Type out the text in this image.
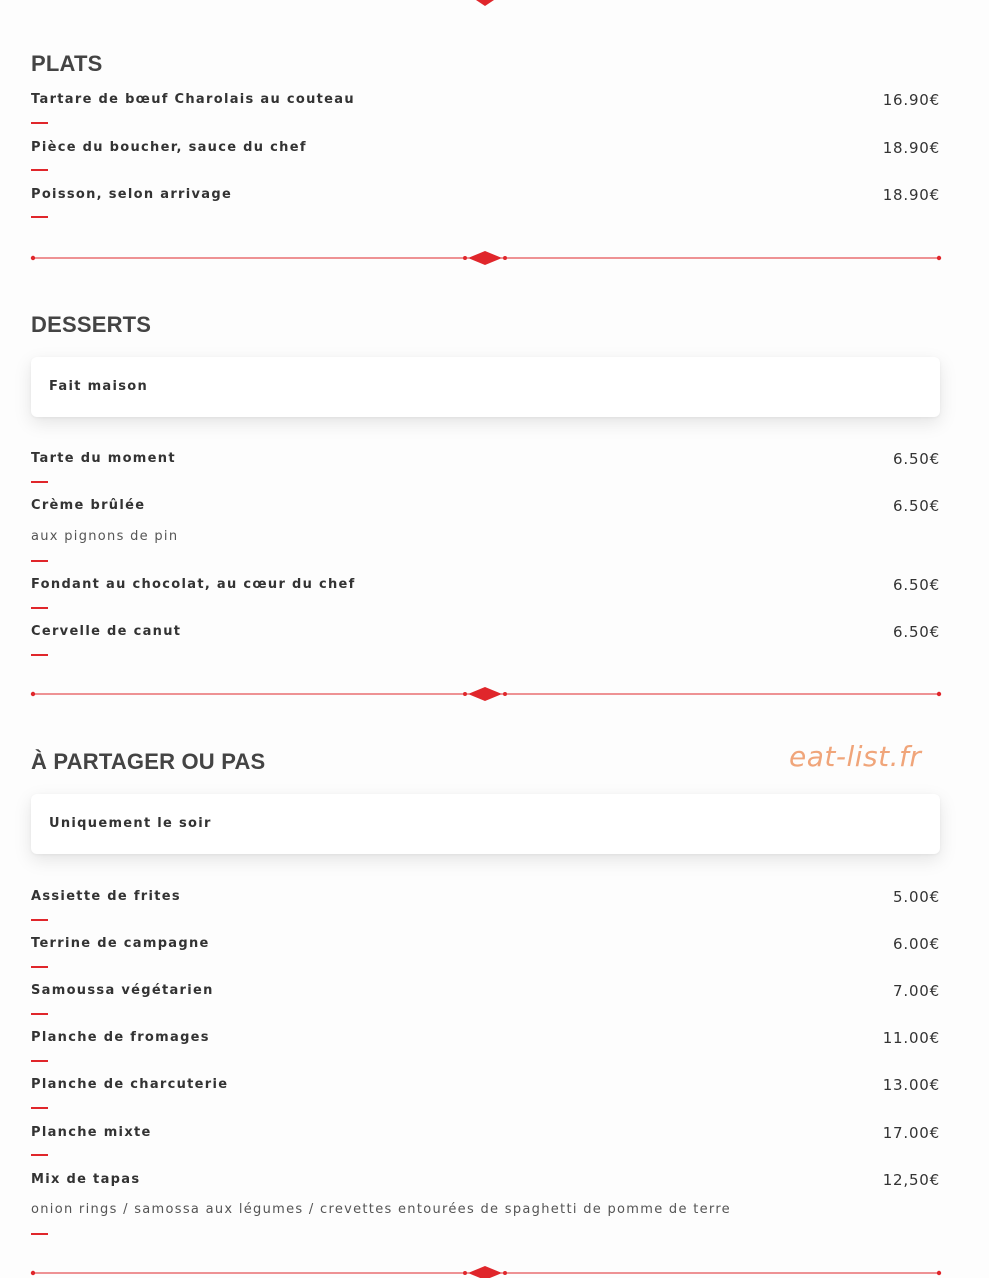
PLATS
Tartare de bœuf Charolais au couteau	16.90€
Pièce du boucher, sauce du chef	18.90€
Poisson, selon arrivage	18.90€
DESSERTS
Fait maison
Tarte du moment	6.50€
Crème brûlée	6.50€
aux pignons de pin
Fondant au chocolat, au cœur du chef	6.50€
Cervelle de canut	6.50€
À PARTAGER OU PAS	eat-list.fr
Uniquement le soir
Assiette de frites	5.00€
Terrine de campagne	6.00€
Samoussa végétarien	7.00€
Planche de fromages	11.00€
Planche de charcuterie	13.00€
Planche mixte	17.00€
Mix de tapas	12,50€
onion rings / samossa aux légumes / crevettes entourées de spaghetti de pomme de terre
